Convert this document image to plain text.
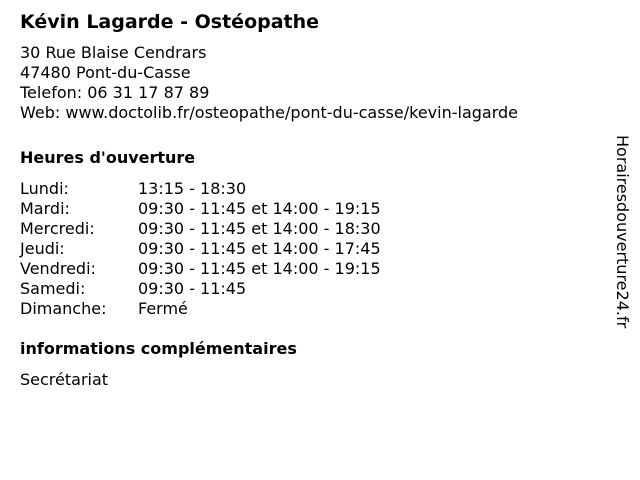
Kévin Lagarde - Ostéopathe
30 Rue Blaise Cendrars
47480 Pont-du-Casse
Telefon: 06 31 17 87 89
Web: www.doctolib.fr/osteopathe/pont-du-casse/kevin-lagarde
Heures d'ouverture
Lundi:	13:15 - 18:30
Mardi:	09:30 - 11:45 et 14:00 - 19:15
Mercredi:	09:30 - 11:45 et 14:00 - 18:30
Jeudi:	09:30 - 11:45 et 14:00 - 17:45
Vendredi:	09:30 - 11:45 et 14:00 - 19:15
Samedi:	09:30 - 11:45
Dimanche:	Fermé
informations complémentaires
Secrétariat
Horairesdouverture24.fr
